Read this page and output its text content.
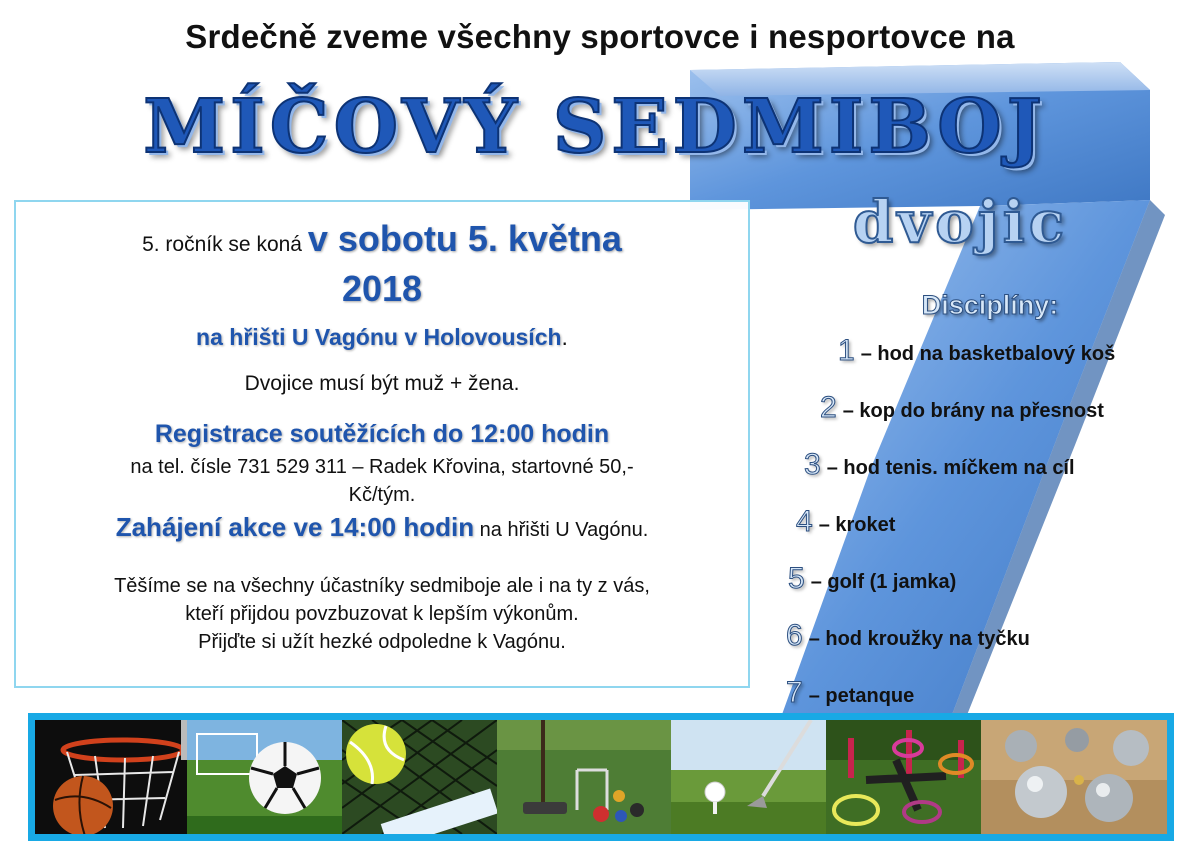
Srdečně zveme všechny sportovce i nesportovce na
MÍČOVÝ SEDMIBOJ
dvojic
5. ročník se koná v sobotu 5. května
2018
na hřišti U Vagónu v Holovousích.
Dvojice musí být muž + žena.
Registrace soutěžících do 12:00 hodin
na tel. čísle 731 529 311 – Radek Křovina, startovné 50,-
Kč/tým.
Zahájení akce ve 14:00 hodin na hřišti U Vagónu.
Těšíme se na všechny účastníky sedmiboje ale i na ty z vás,
kteří přijdou povzbuzovat k lepším výkonům.
Přijďte si užít hezké odpoledne k Vagónu.
Disciplíny:
1 – hod na basketbalový koš
2 – kop do brány na přesnost
3 – hod tenis. míčkem na cíl
4 – kroket
5 – golf (1 jamka)
6 – hod kroužky na tyčku
7 – petanque
